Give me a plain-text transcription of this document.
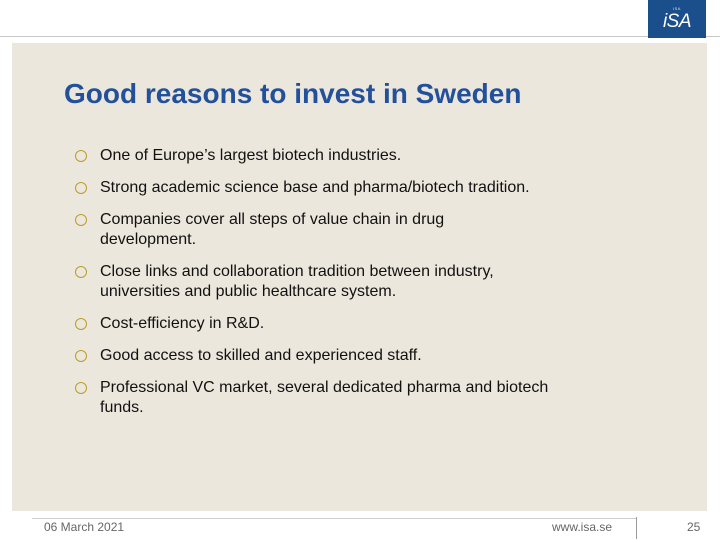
ISA
iSA
Good reasons to invest in Sweden
One of Europe’s largest biotech industries.
Strong academic science base and pharma/biotech tradition.
Companies cover all steps of value chain in drug development.
Close links and collaboration tradition between industry, universities and public healthcare system.
Cost-efficiency in R&D.
Good access to skilled and experienced staff.
Professional VC market, several dedicated pharma and biotech funds.
06 March 2021	www.isa.se	25
